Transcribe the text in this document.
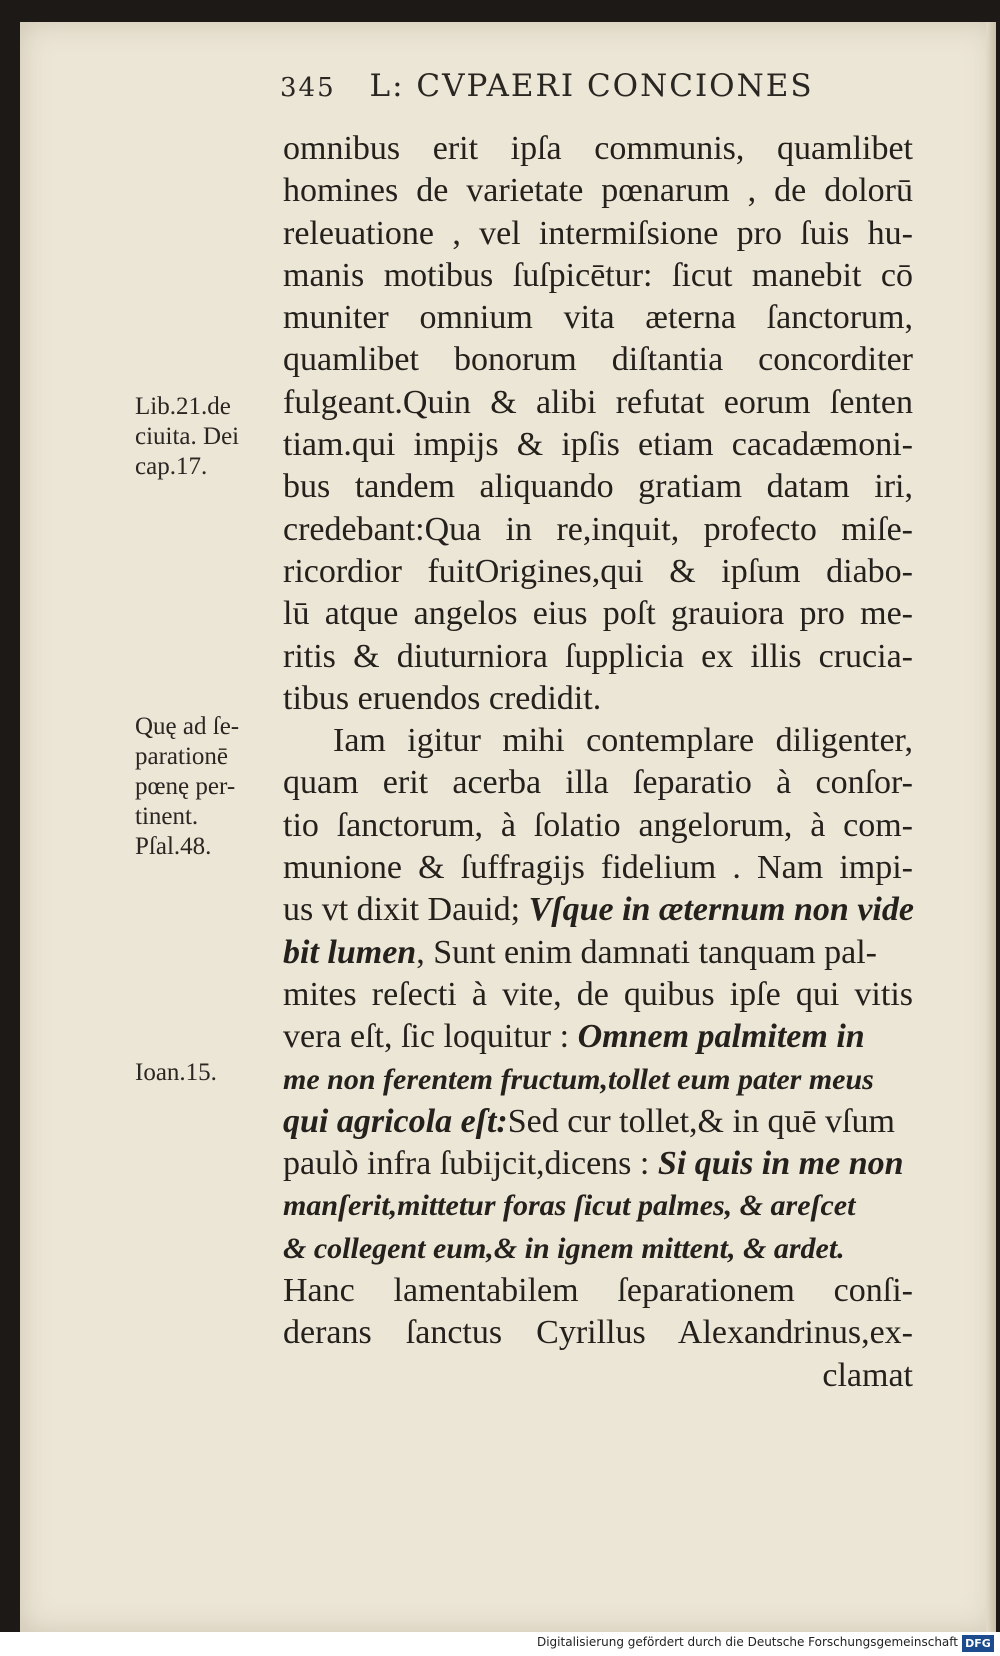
345 L: CVPAERI CONCIONES
omnibus erit ipſa communis, quamlibet
homines de varietate pœnarum , de dolorū
releuatione , vel intermiſsione pro ſuis hu-
manis motibus ſuſpicētur: ſicut manebit cō
muniter omnium vita æterna ſanctorum,
quamlibet bonorum diſtantia concorditer
fulgeant.Quin & alibi refutat eorum ſenten
tiam.qui impijs & ipſis etiam cacadæmoni-
bus tandem aliquando gratiam datam iri,
credebant:Qua in re,inquit, profecto miſe-
ricordior fuitOrigines,qui & ipſum diabo-
lū atque angelos eius poſt grauiora pro me-
ritis & diuturniora ſupplicia ex illis crucia-
tibus eruendos credidit.
Iam igitur mihi contemplare diligenter,
quam erit acerba illa ſeparatio à conſor-
tio ſanctorum, à ſolatio angelorum, à com-
munione & ſuffragijs fidelium . Nam impi-
us vt dixit Dauid; Vſque in æternum non vide
bit lumen, Sunt enim damnati tanquam pal-
mites reſecti à vite, de quibus ipſe qui vitis
vera eſt, ſic loquitur : Omnem palmitem in
me non ferentem fructum,tollet eum pater meus
qui agricola eſt:Sed cur tollet,& in quē vſum
paulò infra ſubijcit,dicens : Si quis in me non
manſerit,mittetur foras ſicut palmes, & areſcet
& collegent eum,& in ignem mittent, & ardet.
Hanc lamentabilem ſeparationem conſi-
derans ſanctus Cyrillus Alexandrinus,ex-
clamat
Lib.21.de
ciuita. Dei
cap.17.
Quę ad ſe-
parationē
pœnę per-
tinent.
Pſal.48.
Ioan.15.
Digitalisierung gefördert durch die Deutsche Forschungsgemeinschaft DFG
